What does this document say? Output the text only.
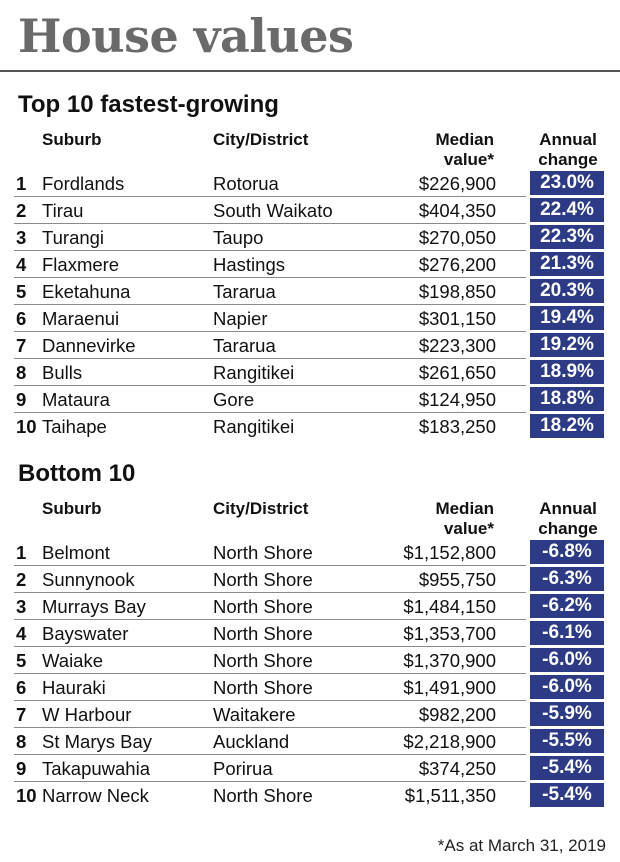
House values
Top 10 fastest-growing
Suburb	City/District	Median
value*
Annual
change
1 Fordlands	Rotorua	$226,900	23.0%
2 Tirau	South Waikato	$404,350	22.4%
3 Turangi	Taupo	$270,050	22.3%
4 Flaxmere	Hastings	$276,200	21.3%
5 Eketahuna	Tararua	$198,850	20.3%
6 Maraenui	Napier	$301,150	19.4%
7 Dannevirke	Tararua	$223,300	19.2%
8 Bulls	Rangitikei	$261,650	18.9%
9 Mataura	Gore	$124,950	18.8%
10 Taihape	Rangitikei	$183,250	18.2%
Bottom 10
Suburb	City/District	Median
value*
Annual
change
1 Belmont	North Shore	$1,152,800	-6.8%
2 Sunnynook	North Shore	$955,750	-6.3%
3 Murrays Bay	North Shore	$1,484,150	-6.2%
4 Bayswater	North Shore	$1,353,700	-6.1%
5 Waiake	North Shore	$1,370,900	-6.0%
6 Hauraki	North Shore	$1,491,900	-6.0%
7 W Harbour	Waitakere	$982,200	-5.9%
8 St Marys Bay	Auckland	$2,218,900	-5.5%
9 Takapuwahia	Porirua	$374,250	-5.4%
10 Narrow Neck	North Shore	$1,511,350	-5.4%
*As at March 31, 2019
